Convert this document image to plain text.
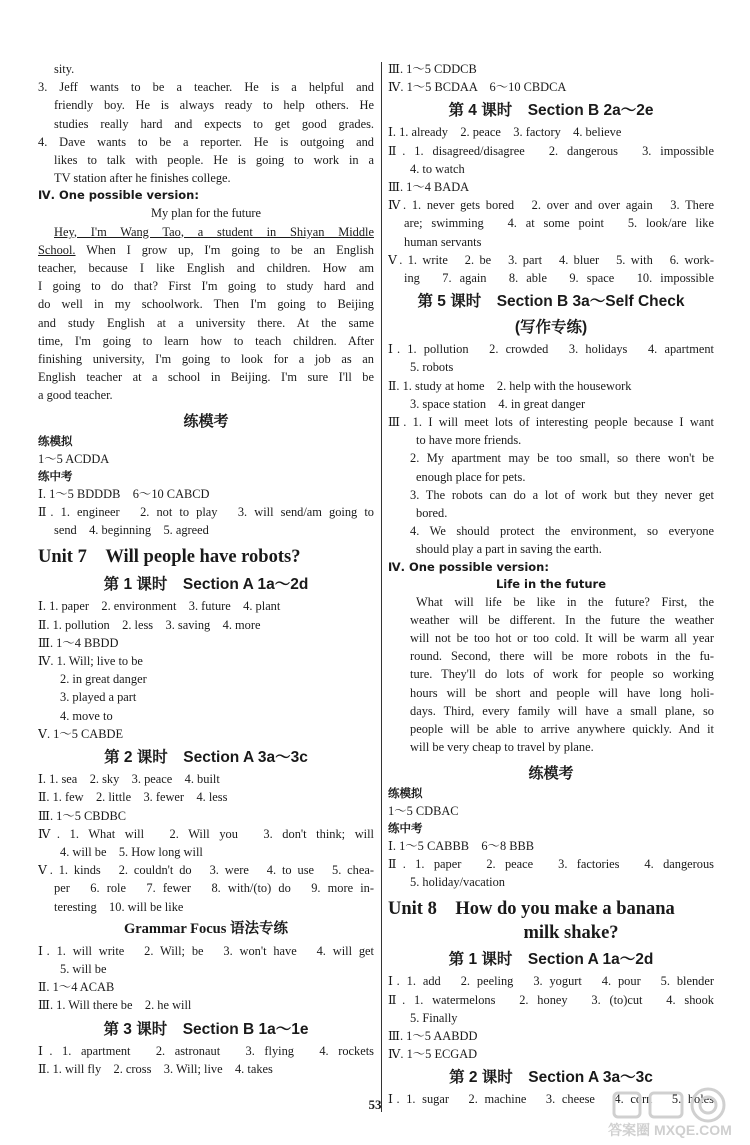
sity.
3. Jeff wants to be a teacher. He is a helpful and
friendly boy. He is always ready to help others. He
studies really hard and expects to get good grades.
4. Dave wants to be a reporter. He is outgoing and
likes to talk with people. He is going to work in a
TV station after he finishes college.
Ⅳ. One possible version:
My plan for the future
Hey, I'm Wang Tao, a student in Shiyan Middle
School. When I grow up, I'm going to be an English
teacher, because I like English and children. How am
I going to do that? First I'm going to study hard and
do well in my schoolwork. Then I'm going to Beijing
and study English at a university there. At the same
time, I'm going to learn how to teach children. After
finishing university, I'm going to look for a job as an
English teacher at a school in Beijing. I'm sure I'll be
a good teacher.
练模考
练模拟
1～5 ACDDA
练中考
Ⅰ. 1～5 BDDDB　6～10 CABCD
Ⅱ. 1. engineer　2. not to play　3. will send/am going to
send　4. beginning　5. agreed
Unit 7　Will people have robots?
第 1 课时　Section A 1a～2d
Ⅰ. 1. paper　2. environment　3. future　4. plant
Ⅱ. 1. pollution　2. less　3. saving　4. more
Ⅲ. 1～4 BBDD
Ⅳ. 1. Will; live to be
2. in great danger
3. played a part
4. move to
Ⅴ. 1～5 CABDE
第 2 课时　Section A 3a～3c
Ⅰ. 1. sea　2. sky　3. peace　4. built
Ⅱ. 1. few　2. little　3. fewer　4. less
Ⅲ. 1～5 CBDBC
Ⅳ. 1. What will　2. Will you　3. don't think; will
4. will be　5. How long will
Ⅴ. 1. kinds　2. couldn't do　3. were　4. to use　5. chea-
per　6. role　7. fewer　8. with/(to) do　9. more in-
teresting　10. will be like
Grammar Focus 语法专练
Ⅰ. 1. will write　2. Will; be　3. won't have　4. will get
5. will be
Ⅱ. 1～4 ACAB
Ⅲ. 1. Will there be　2. he will
第 3 课时　Section B 1a～1e
Ⅰ. 1. apartment　2. astronaut　3. flying　4. rockets
Ⅱ. 1. will fly　2. cross　3. Will; live　4. takes
Ⅲ. 1～5 CDDCB
Ⅳ. 1～5 BCDAA　6～10 CBDCA
第 4 课时　Section B 2a～2e
Ⅰ. 1. already　2. peace　3. factory　4. believe
Ⅱ. 1. disagreed/disagree　2. dangerous　3. impossible
4. to watch
Ⅲ. 1～4 BADA
Ⅳ. 1. never gets bored　2. over and over again　3. There
are; swimming　4. at some point　5. look/are like
human servants
Ⅴ. 1. write　2. be　3. part　4. bluer　5. with　6. work-
ing　7. again　8. able　9. space　10. impossible
第 5 课时　Section B 3a～Self Check
(写作专练)
Ⅰ. 1. pollution　2. crowded　3. holidays　4. apartment
5. robots
Ⅱ. 1. study at home　2. help with the housework
3. space station　4. in great danger
Ⅲ. 1. I will meet lots of interesting people because I want
to have more friends.
2. My apartment may be too small, so there won't be
enough place for pets.
3. The robots can do a lot of work but they never get
bored.
4. We should protect the environment, so everyone
should play a part in saving the earth.
Ⅳ. One possible version:
Life in the future
What will life be like in the future? First, the
weather will be different. In the future the weather
will not be too hot or too cold. It will be warm all year
round. Second, there will be more robots in the fu-
ture. They'll do lots of work for people so working
hours will be short and people will have long holi-
days. Third, every family will have a small plane, so
people will be able to arrive anywhere quickly. And it
will be very cheap to travel by plane.
练模考
练模拟
1～5 CDBAC
练中考
Ⅰ. 1～5 CABBB　6～8 BBB
Ⅱ. 1. paper　2. peace　3. factories　4. dangerous
5. holiday/vacation
Unit 8　How do you make a banana
milk shake?
第 1 课时　Section A 1a～2d
Ⅰ. 1. add　2. peeling　3. yogurt　4. pour　5. blender
Ⅱ. 1. watermelons　2. honey　3. (to)cut　4. shook
5. Finally
Ⅲ. 1～5 AABDD
Ⅳ. 1～5 ECGAD
第 2 课时　Section A 3a～3c
Ⅰ. 1. sugar　2. machine　3. cheese　4. corn　5. holes
53
答案圈 MXQE.COM
